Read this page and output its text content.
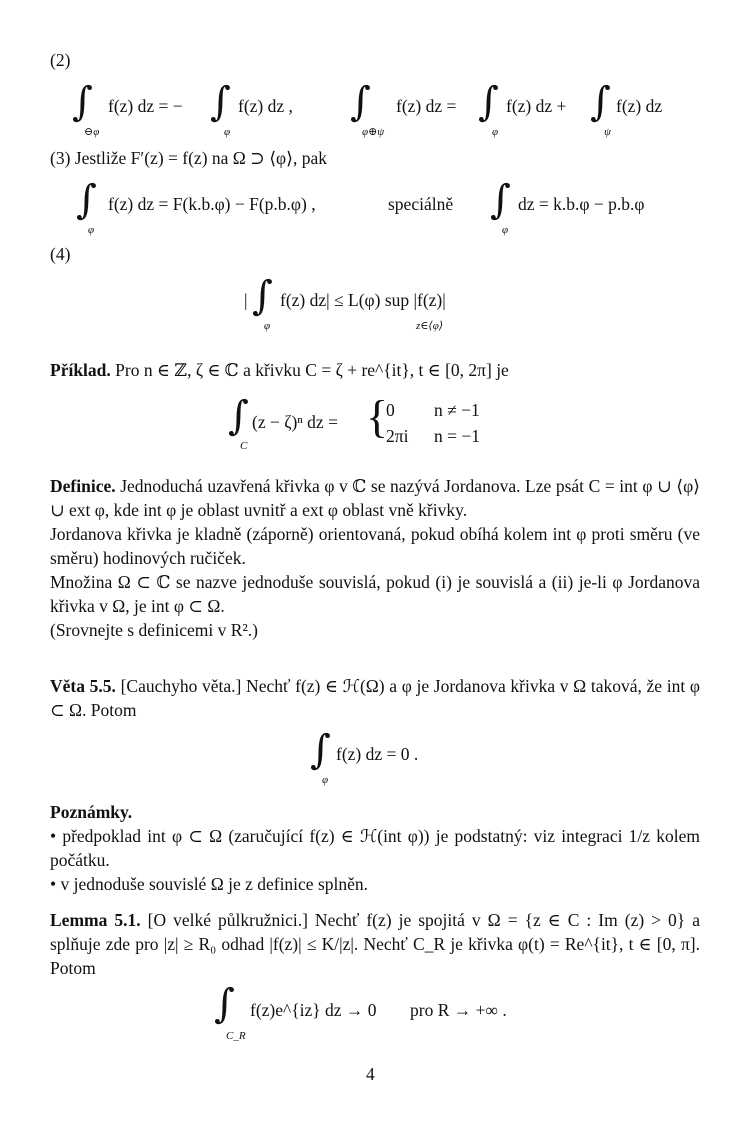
(2)
∫
⊖φ
f(z) dz = − ∫
φ
f(z) dz , ∫
φ⊕ψ
f(z) dz = ∫
φ
f(z) dz + ∫
ψ
f(z) dz
(3) Jestliže F′(z) = f(z) na Ω ⊃ ⟨φ⟩, pak
∫
φ
f(z) dz = F(k.b.φ) − F(p.b.φ) ,	speciálně ∫
φ
dz = k.b.φ − p.b.φ
(4)
| ∫
φ
f(z) dz| ≤ L(φ) sup |f(z)|
z∈⟨φ⟩
Příklad. Pro n ∈ ℤ, ζ ∈ ℂ a křivku C = ζ + re^{it}, t ∈ [0, 2π] je
∫
C
(z − ζ)ⁿ dz = {
0 n ≠ −1
2πi n = −1
Definice. Jednoduchá uzavřená křivka φ v ℂ se nazývá Jordanova. Lze psát C = int φ ∪ ⟨φ⟩ ∪ ext φ, kde int φ je oblast uvnitř a ext φ oblast vně křivky.
Jordanova křivka je kladně (záporně) orientovaná, pokud obíhá kolem int φ proti směru (ve směru) hodinových ručiček.
Množina Ω ⊂ ℂ se nazve jednoduše souvislá, pokud (i) je souvislá a (ii) je-li φ Jordanova křivka v Ω, je int φ ⊂ Ω.
(Srovnejte s definicemi v R².)
Věta 5.5. [Cauchyho věta.] Nechť f(z) ∈ ℋ(Ω) a φ je Jordanova křivka v Ω taková, že int φ ⊂ Ω. Potom
∫
φ
f(z) dz = 0 .
Poznámky.
• předpoklad int φ ⊂ Ω (zaručující f(z) ∈ ℋ(int φ)) je podstatný: viz integraci 1/z kolem počátku.
• v jednoduše souvislé Ω je z definice splněn.
Lemma 5.1. [O velké půlkružnici.] Nechť f(z) je spojitá v Ω = {z ∈ C : Im (z) > 0} a splňuje zde pro |z| ≥ R₀ odhad |f(z)| ≤ K/|z|. Nechť C_R je křivka φ(t) = Re^{it}, t ∈ [0, π]. Potom
∫
C_R
f(z)e^{iz} dz → 0 pro R → +∞ .
4
